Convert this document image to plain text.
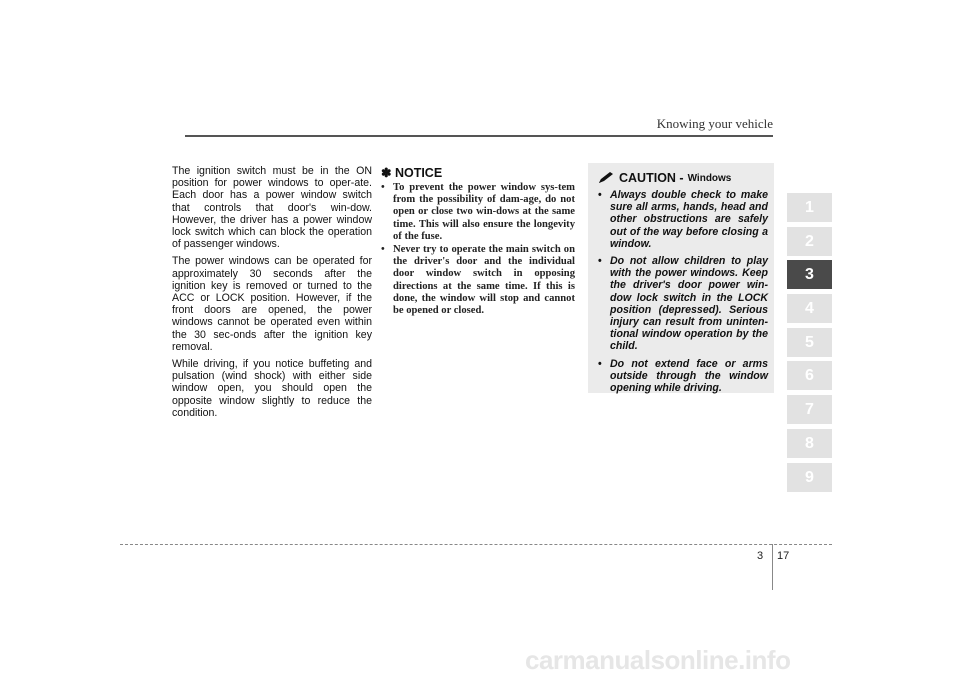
Knowing your vehicle

The ignition switch must be in the ON position for power windows to oper-ate. Each door has a power window switch that controls that door's win-dow. However, the driver has a power window lock switch which can block the operation of passenger windows.

The power windows can be operated for approximately 30 seconds after the ignition key is removed or turned to the ACC or LOCK position. However, if the front doors are opened, the power windows cannot be operated even within the 30 sec-onds after the ignition key removal.

While driving, if you notice buffeting and pulsation (wind shock) with either side window open, you should open the opposite window slightly to reduce the condition.

✽ NOTICE
• To prevent the power window sys-tem from the possibility of dam-age, do not open or close two win-dows at the same time. This will also ensure the longevity of the fuse.
• Never try to operate the main switch on the driver's door and the individual door window switch in opposing directions at the same time. If this is done, the window will stop and cannot be opened or closed.
CAUTION - Windows
• Always double check to make sure all arms, hands, head and other obstructions are safely out of the way before closing a window.
• Do not allow children to play with the power windows. Keep the driver's door power win-dow lock switch in the LOCK position (depressed). Serious injury can result from uninten-tional window operation by the child.
• Do not extend face or arms outside through the window opening while driving.
1
2
3
4
5
6
7
8
9
3 17
carmanualsonline.info
